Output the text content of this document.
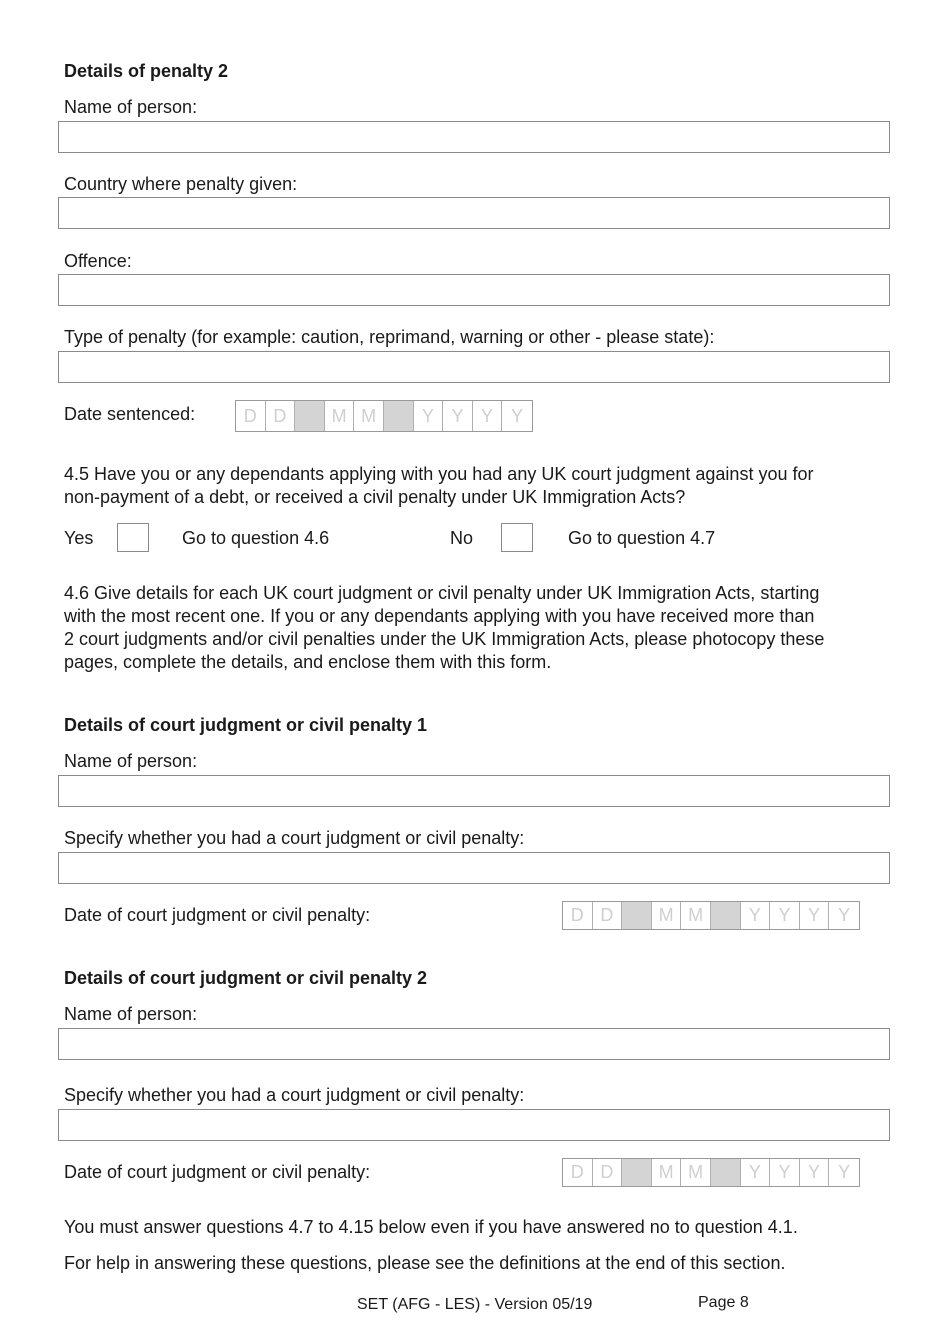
Details of penalty 2
Name of person:
Country where penalty given:
Offence:
Type of penalty (for example: caution, reprimand, warning or other - please state):
Date sentenced:	D D	M M	Y Y Y	Y
4.5 Have you or any dependants applying with you had any UK court judgment against you for
non-payment of a debt, or received a civil penalty under UK Immigration Acts?
Yes	Go to question 4.6	No	Go to question 4.7
4.6 Give details for each UK court judgment or civil penalty under UK Immigration Acts, starting
with the most recent one. If you or any dependants applying with you have received more than
2 court judgments and/or civil penalties under the UK Immigration Acts, please photocopy these
pages, complete the details, and enclose them with this form.
Details of court judgment or civil penalty 1
Name of person:
Specify whether you had a court judgment or civil penalty:
Date of court judgment or civil penalty:	D D	M M	Y Y Y	Y
Details of court judgment or civil penalty 2
Name of person:
Specify whether you had a court judgment or civil penalty:
Date of court judgment or civil penalty:	D D	M M	Y Y Y	Y
You must answer questions 4.7 to 4.15 below even if you have answered no to question 4.1.
For help in answering these questions, please see the definitions at the end of this section.
SET (AFG - LES) - Version 05/19	Page 8
